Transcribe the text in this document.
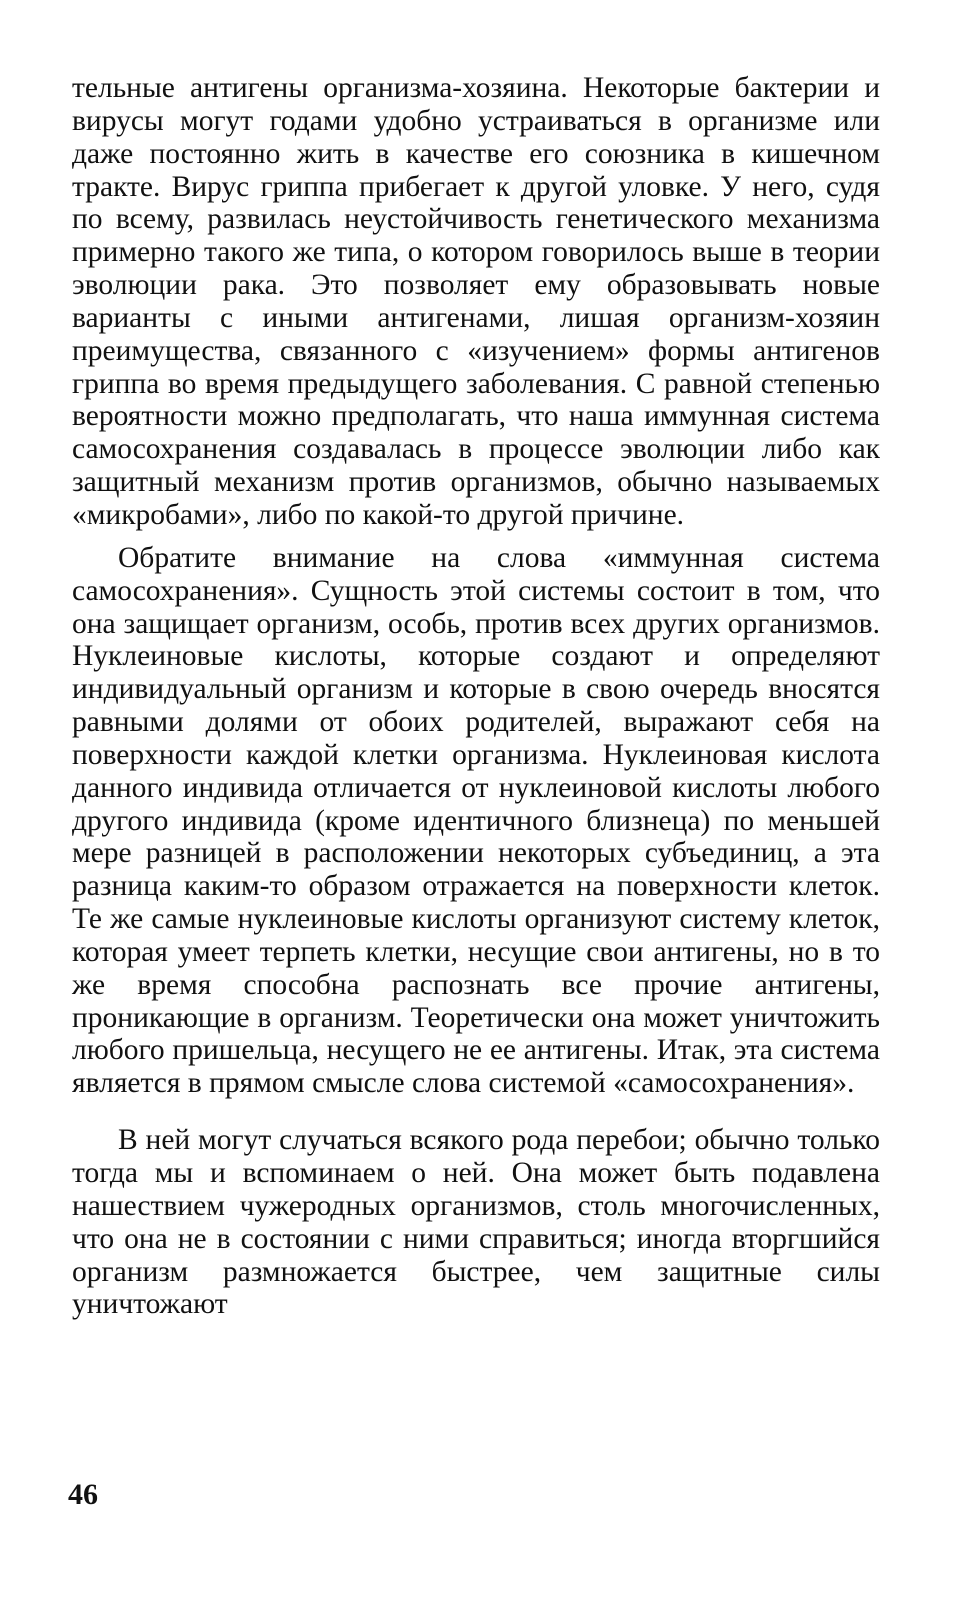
тельные антигены организма-хозяина. Некоторые бактерии и вирусы могут годами удобно устраиваться в организме или даже постоянно жить в качестве его союзника в кишечном тракте. Вирус гриппа прибегает к другой уловке. У него, судя по всему, развилась неустойчивость генетического механизма примерно такого же типа, о котором говорилось выше в теории эволюции рака. Это позволяет ему образовывать новые варианты с иными антигенами, лишая организм-хозяин преимущества, связанного с «изучением» формы антигенов гриппа во время предыдущего заболевания. С равной степенью вероятности можно предполагать, что наша иммунная система самосохранения создавалась в процессе эволюции либо как защитный механизм против организмов, обычно называемых «микробами», либо по какой-то другой причине.

Обратите внимание на слова «иммунная система самосохранения». Сущность этой системы состоит в том, что она защищает организм, особь, против всех других организмов. Нуклеиновые кислоты, которые создают и определяют индивидуальный организм и которые в свою очередь вносятся равными долями от обоих родителей, выражают себя на поверхности каждой клетки организма. Нуклеиновая кислота данного индивида отличается от нуклеиновой кислоты любого другого индивида (кроме идентичного близнеца) по меньшей мере разницей в расположении некоторых субъединиц, а эта разница каким-то образом отражается на поверхности клеток. Те же самые нуклеиновые кислоты организуют систему клеток, которая умеет терпеть клетки, несущие свои антигены, но в то же время способна распознать все прочие антигены, проникающие в организм. Теоретически она может уничтожить любого пришельца, несущего не ее антигены. Итак, эта система является в прямом смысле слова системой «самосохранения».

В ней могут случаться всякого рода перебои; обычно только тогда мы и вспоминаем о ней. Она может быть подавлена нашествием чужеродных организмов, столь многочисленных, что она не в состоянии с ними справиться; иногда вторгшийся организм размножается быстрее, чем защитные силы уничтожают

46
